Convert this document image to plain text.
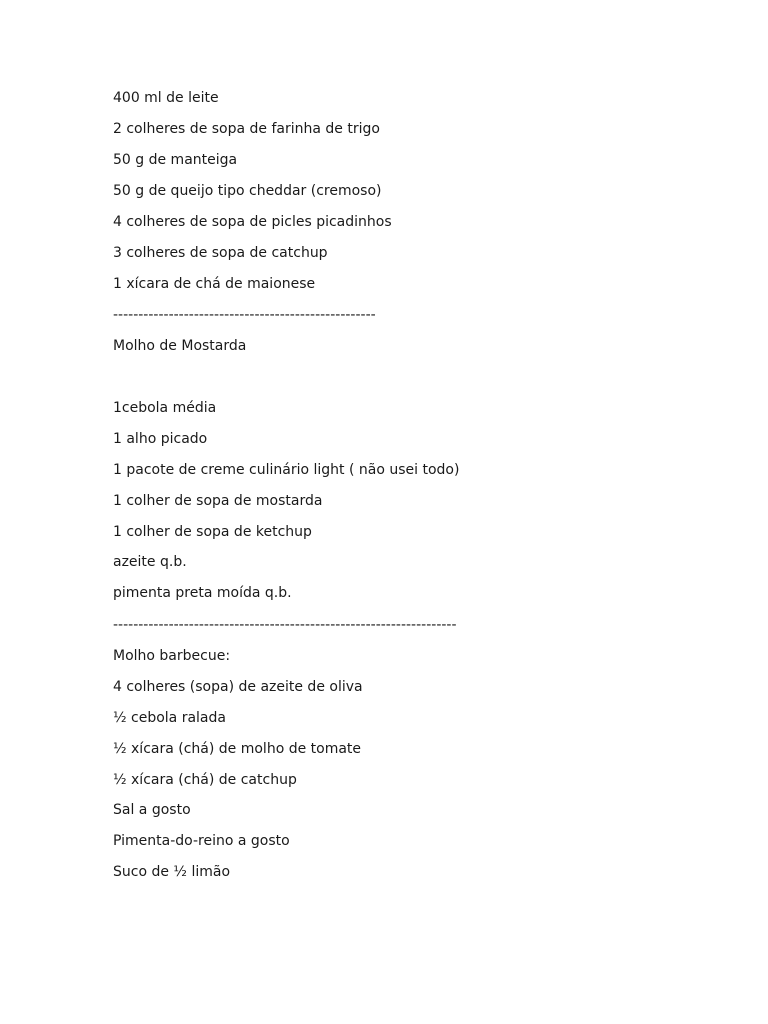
400 ml de leite
2 colheres de sopa de farinha de trigo
50 g de manteiga
50 g de queijo tipo cheddar (cremoso)
4 colheres de sopa de picles picadinhos
3 colheres de sopa de catchup
1 xícara de chá de maionese
----------------------------------------------------
Molho de Mostarda
1cebola média
1 alho picado
1 pacote de creme culinário light ( não usei todo)
1 colher de sopa de mostarda
1 colher de sopa de ketchup
azeite q.b.
pimenta preta moída q.b.
--------------------------------------------------------------------
Molho barbecue:
4 colheres (sopa) de azeite de oliva
½ cebola ralada
½ xícara (chá) de molho de tomate
½ xícara (chá) de catchup
Sal a gosto
Pimenta-do-reino a gosto
Suco de ½ limão
